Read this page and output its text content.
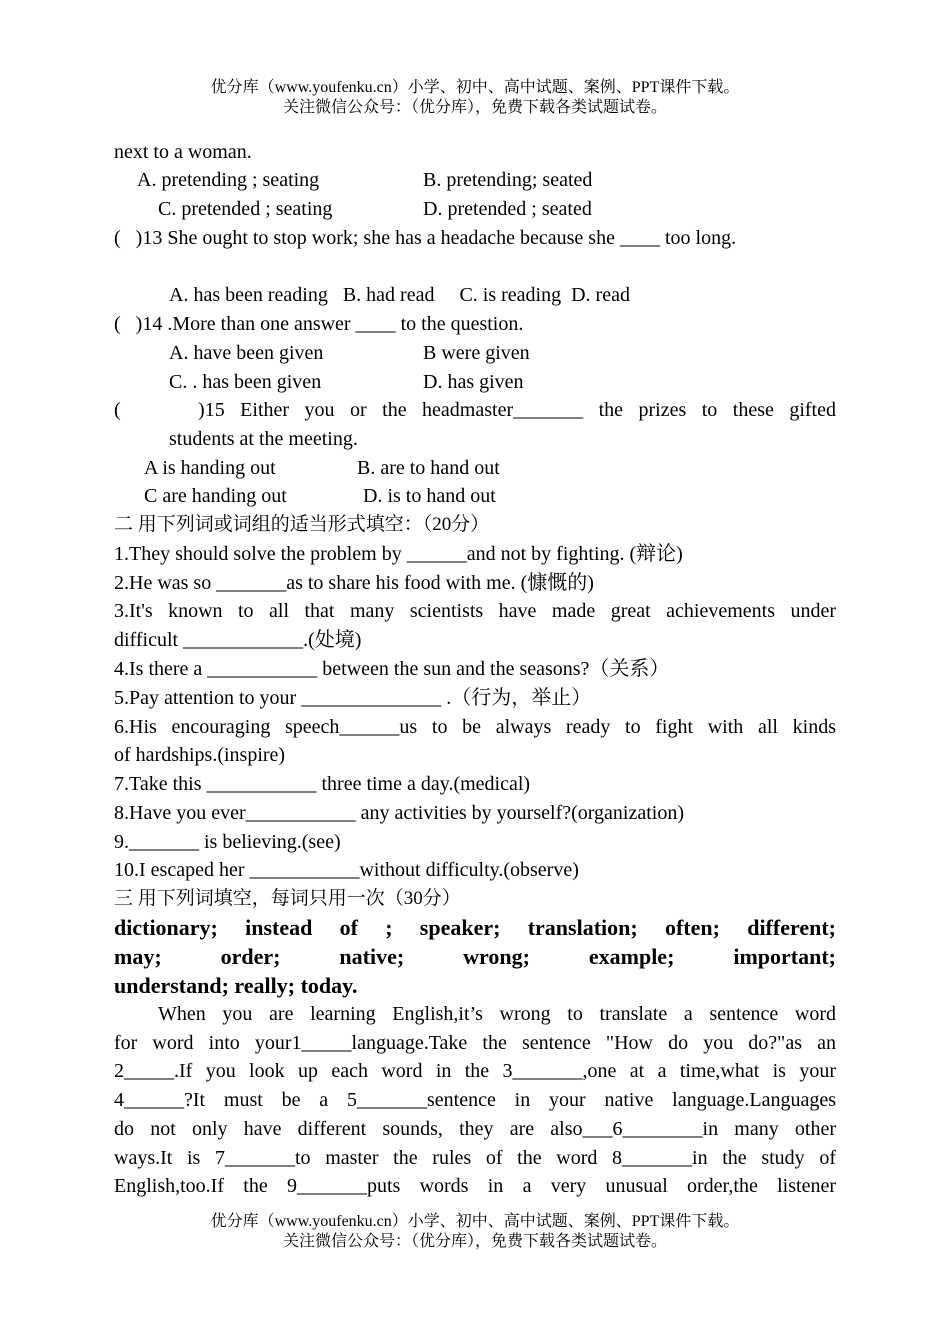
优分库（www.youfenku.cn）小学、初中、高中试题、案例、PPT课件下载。
关注微信公众号：（优分库），免费下载各类试题试卷。
next to a woman.
A. pretending ; seating	B. pretending; seated
C. pretended ; seating	D. pretended ; seated
(   )13 She ought to stop work; she has a headache because she ____ too long.
A. has been reading   B. had read     C. is reading  D. read
(   )14 .More than one answer ____ to the question.
A. have been given	B were given
C. . has been given	D. has given
(     )15 Either you or the headmaster_______ the prizes to these gifted
students at the meeting.
A is handing out	B. are to hand out
C are handing out	D. is to hand out
二 用下列词或词组的适当形式填空：（20分）
1.They should solve the problem by ______and not by fighting. (辩论)
2.He was so _______as to share his food with me. (慷慨的)
3.It's known to all that many scientists have made great achievements under
difficult ____________.(处境)
4.Is there a ___________ between the sun and the seasons?（关系）
5.Pay attention to your ______________ .（行为，举止）
6.His encouraging speech______us to be always ready to fight with all kinds
of hardships.(inspire)
7.Take this ___________ three time a day.(medical)
8.Have you ever___________ any activities by yourself?(organization)
9._______ is believing.(see)
10.I escaped her ___________without difficulty.(observe)
三 用下列词填空，每词只用一次（30分）
dictionary; instead of ; speaker; translation; often; different;
may; order; native; wrong; example; important;
understand; really; today.
When you are learning English,it’s wrong to translate a sentence word
for word into your1_____language.Take the sentence "How do you do?"as an
2_____.If you look up each word in the 3_______,one at a time,what is your
4______?It must be a 5_______sentence in your native language.Languages
do not only have different sounds, they are also___6________in many other
ways.It is 7_______to master the rules of the word 8_______in the study of
English,too.If the 9_______puts words in a very unusual order,the listener
优分库（www.youfenku.cn）小学、初中、高中试题、案例、PPT课件下载。
关注微信公众号：（优分库），免费下载各类试题试卷。
